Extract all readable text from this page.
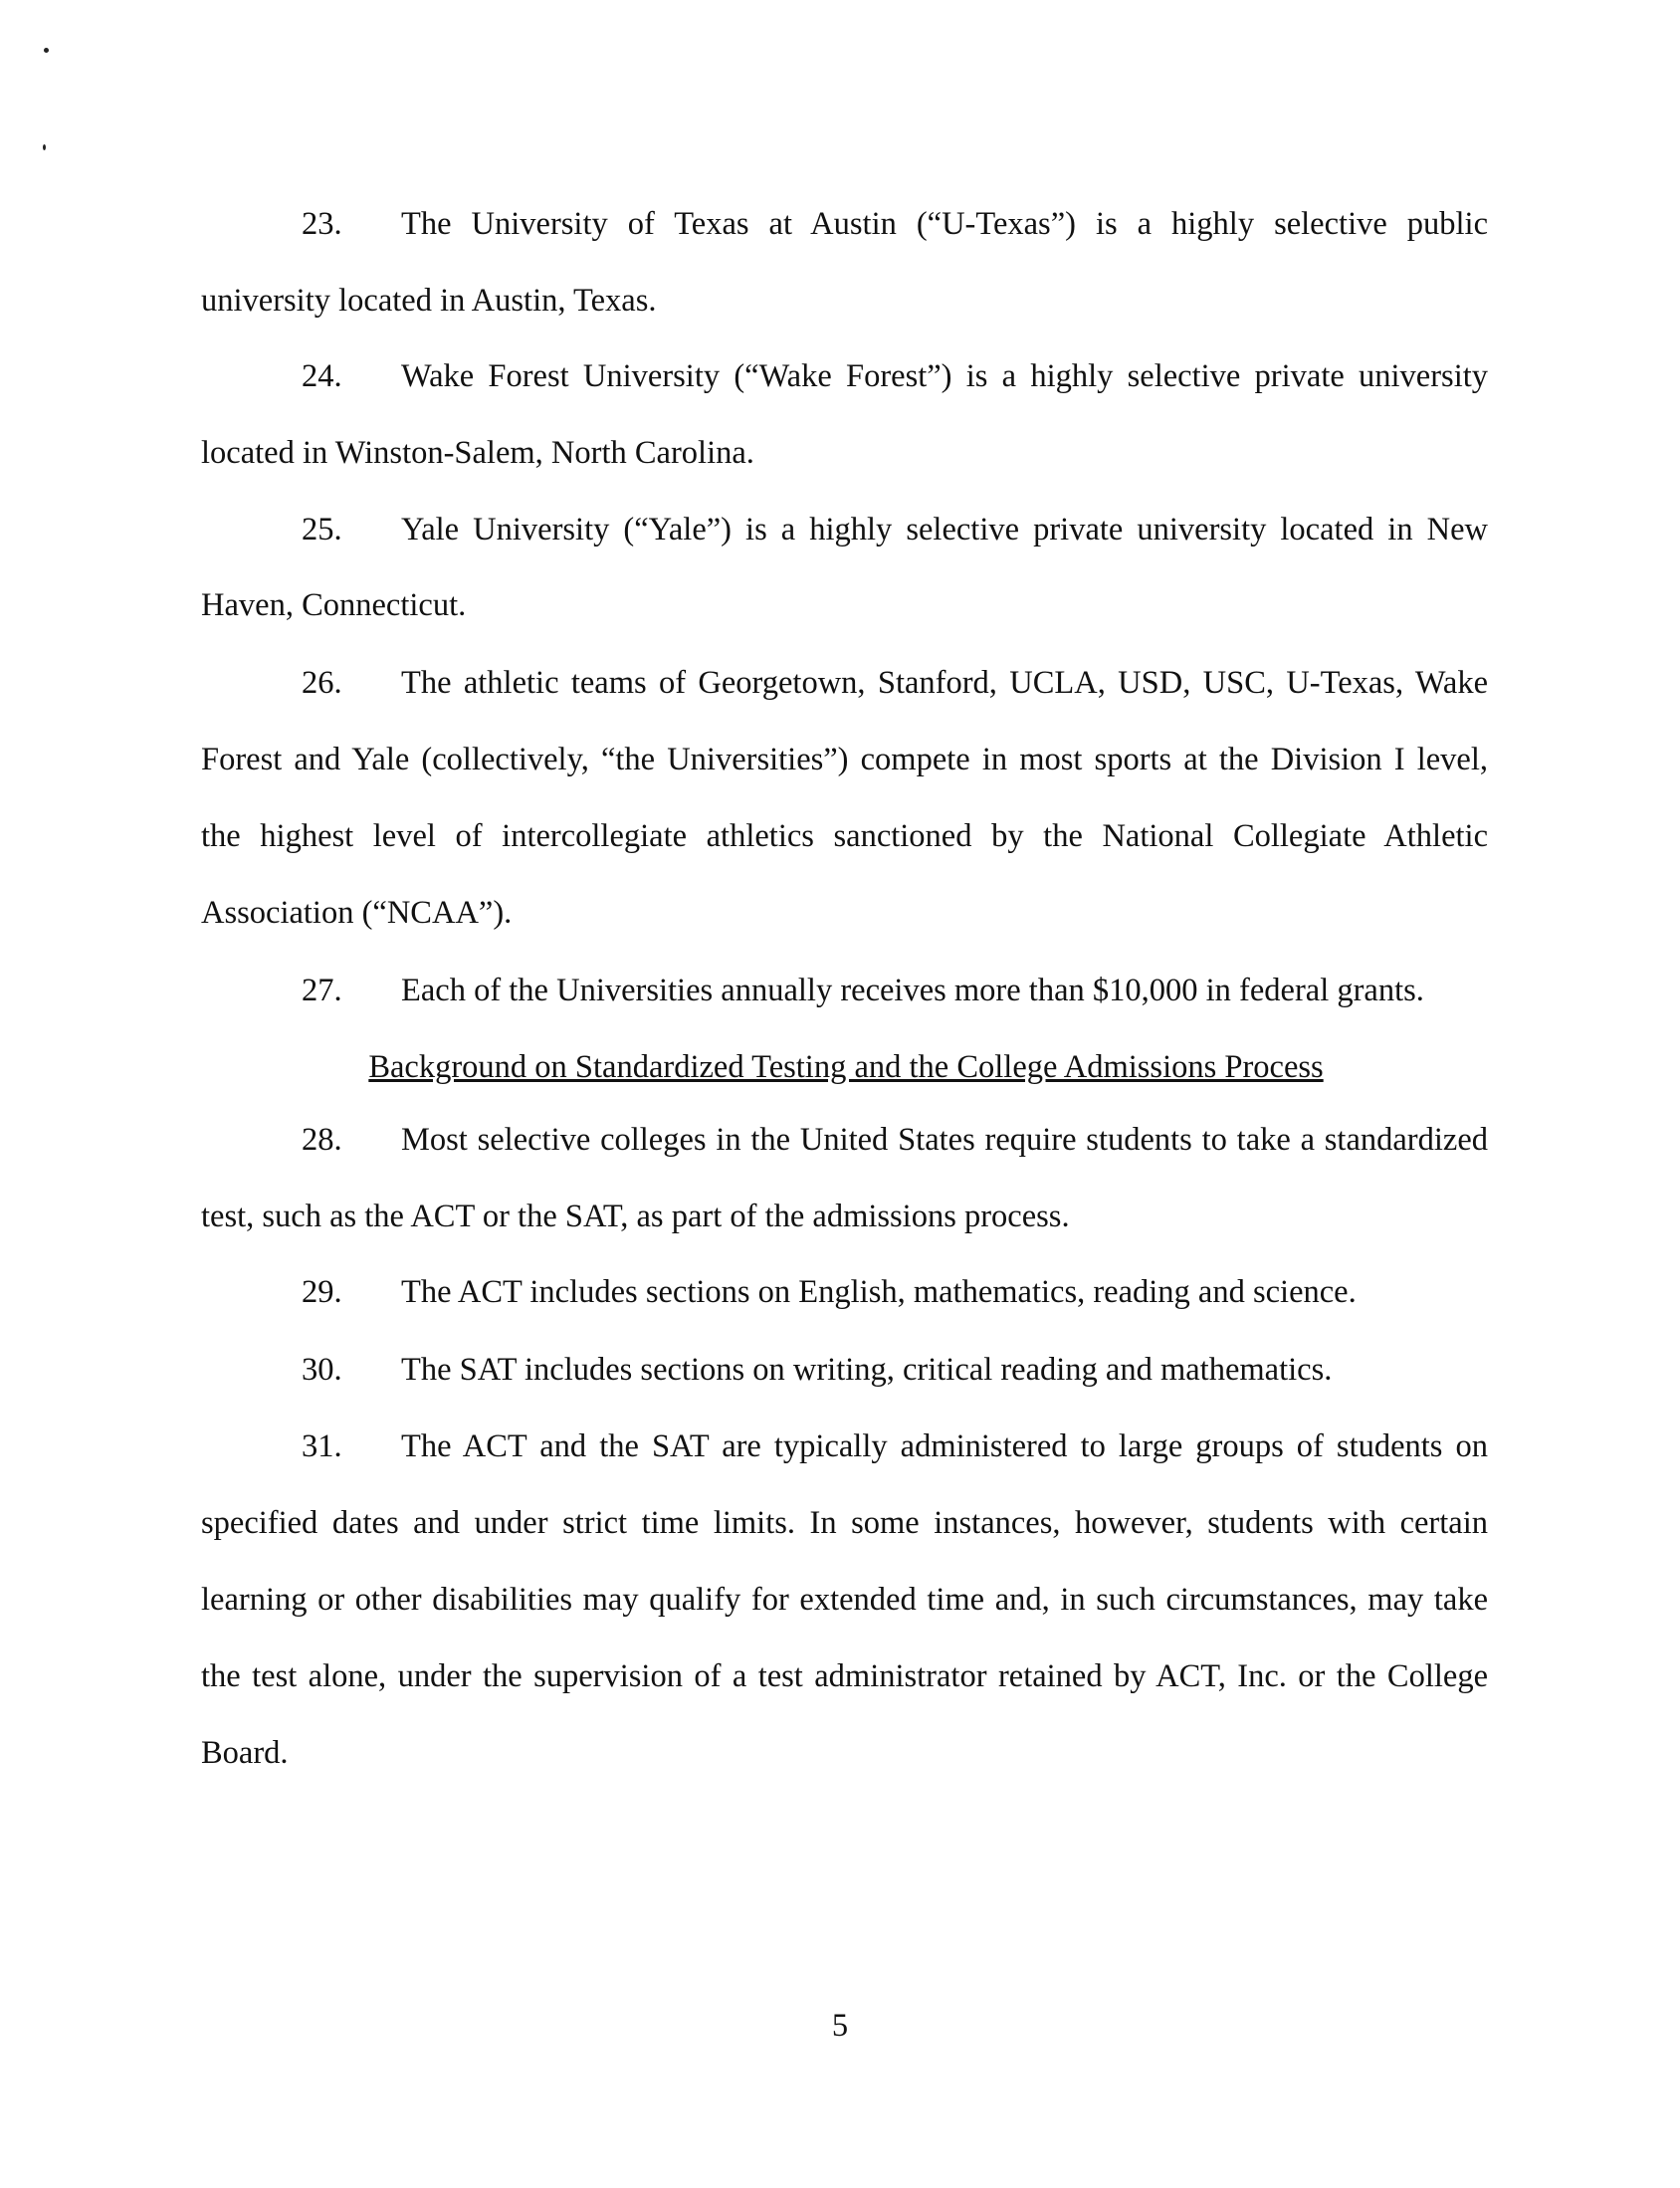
23. The University of Texas at Austin (“U-Texas”) is a highly selective public
university located in Austin, Texas.
24. Wake Forest University (“Wake Forest”) is a highly selective private university
located in Winston-Salem, North Carolina.
25. Yale University (“Yale”) is a highly selective private university located in New
Haven, Connecticut.
26. The athletic teams of Georgetown, Stanford, UCLA, USD, USC, U-Texas, Wake
Forest and Yale (collectively, “the Universities”) compete in most sports at the Division I level,
the highest level of intercollegiate athletics sanctioned by the National Collegiate Athletic
Association (“NCAA”).
27. Each of the Universities annually receives more than $10,000 in federal grants.
Background on Standardized Testing and the College Admissions Process
28. Most selective colleges in the United States require students to take a standardized
test, such as the ACT or the SAT, as part of the admissions process.
29. The ACT includes sections on English, mathematics, reading and science.
30. The SAT includes sections on writing, critical reading and mathematics.
31. The ACT and the SAT are typically administered to large groups of students on
specified dates and under strict time limits. In some instances, however, students with certain
learning or other disabilities may qualify for extended time and, in such circumstances, may take
the test alone, under the supervision of a test administrator retained by ACT, Inc. or the College
Board.
5
